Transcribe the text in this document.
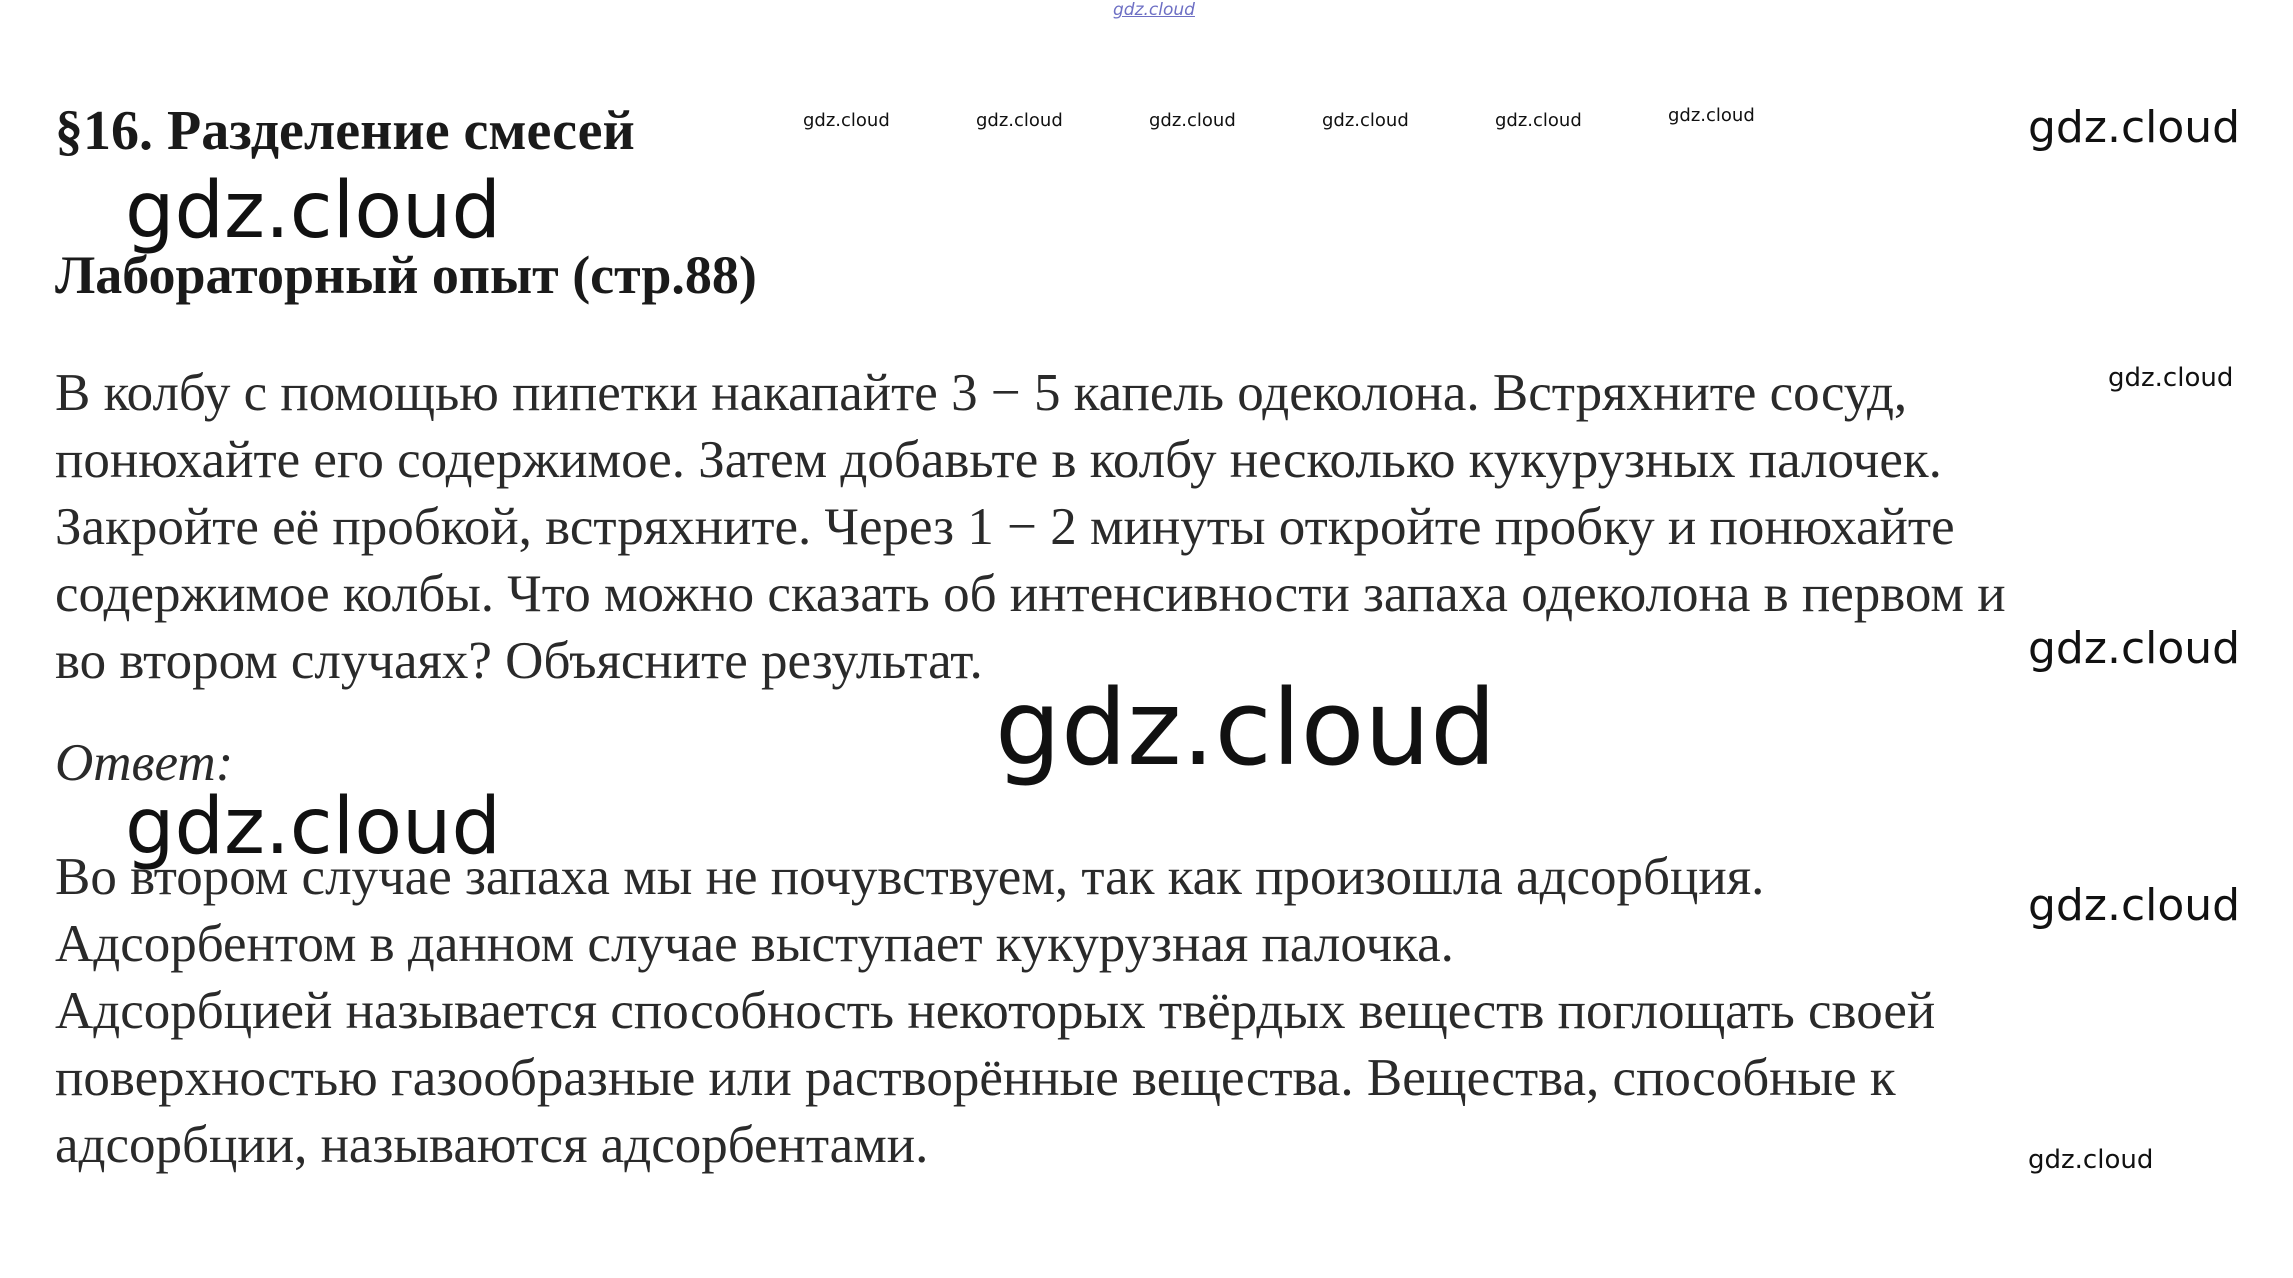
gdz.cloud
gdz.cloud	gdz.cloud	gdz.cloud	gdz.cloud	gdz.cloud	gdz.cloud	gdz.cloud
gdz.cloud
gdz.cloud
gdz.cloud
gdz.cloud
gdz.cloud
gdz.cloud
gdz.cloud
§16. Разделение смесей
Лабораторный опыт (стр.88)
В колбу с помощью пипетки накапайте 3 − 5 капель одеколона. Встряхните сосуд,
понюхайте его содержимое. Затем добавьте в колбу несколько кукурузных палочек.
Закройте её пробкой, встряхните. Через 1 − 2 минуты откройте пробку и понюхайте
содержимое колбы. Что можно сказать об интенсивности запаха одеколона в первом и
во втором случаях? Объясните результат.
Ответ:
Во втором случае запаха мы не почувствуем, так как произошла адсорбция.
Адсорбентом в данном случае выступает кукурузная палочка.
Адсорбцией называется способность некоторых твёрдых веществ поглощать своей
поверхностью газообразные или растворённые вещества. Вещества, способные к
адсорбции, называются адсорбентами.
